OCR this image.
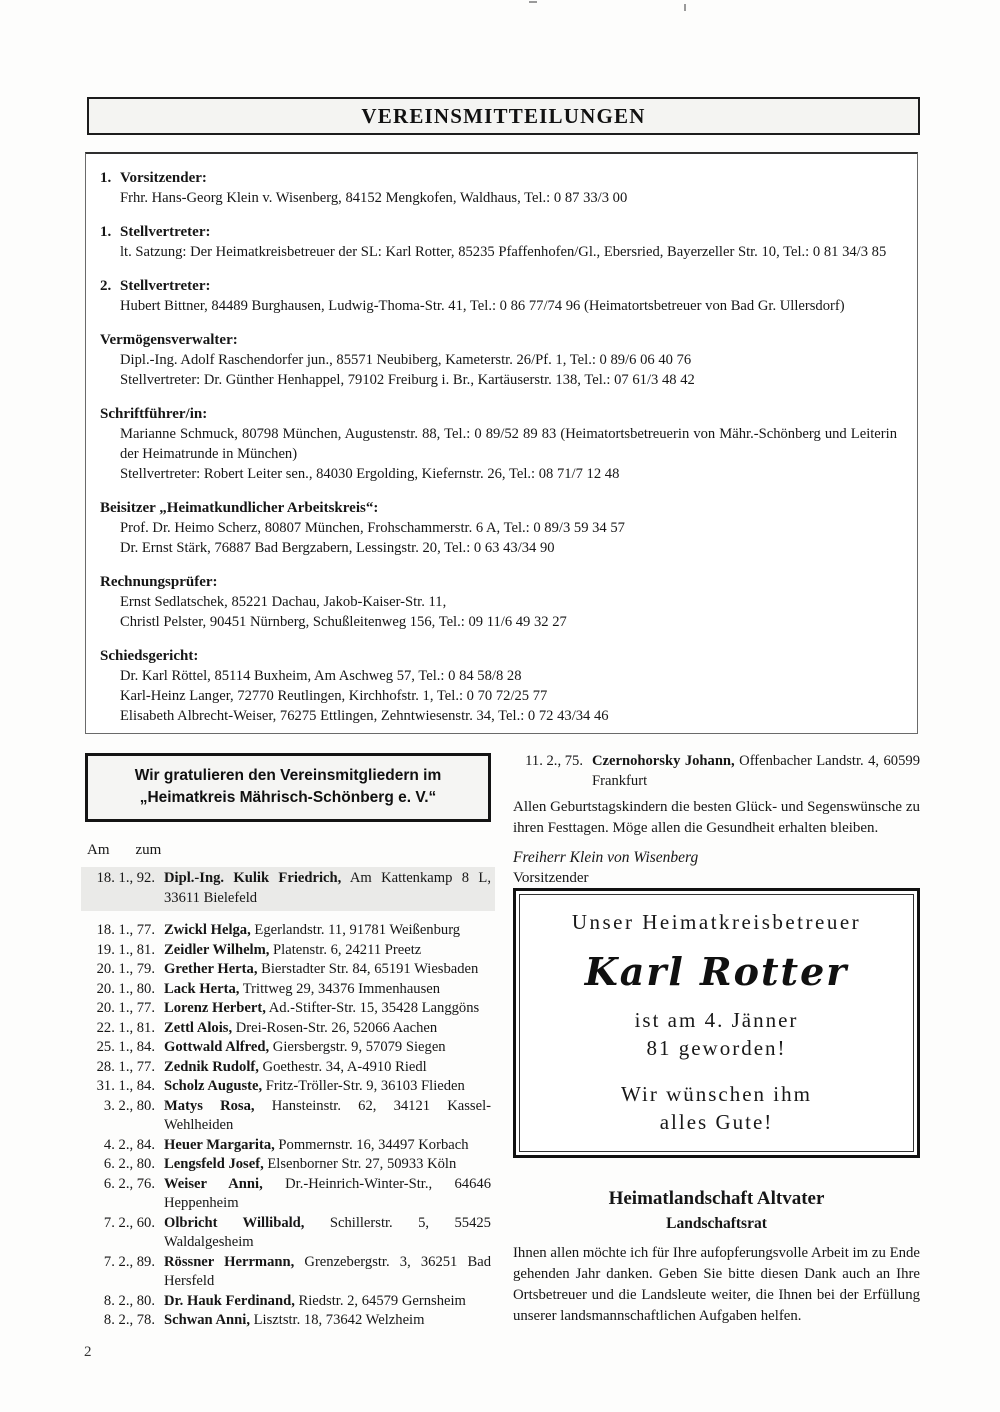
VEREINSMITTEILUNGEN
1. Vorsitzender:
Frhr. Hans-Georg Klein v. Wisenberg, 84152 Mengkofen, Waldhaus, Tel.: 0 87 33/3 00
1. Stellvertreter:
lt. Satzung: Der Heimatkreisbetreuer der SL: Karl Rotter, 85235 Pfaffenhofen/Gl., Ebersried, Bayerzeller Str. 10, Tel.: 0 81 34/3 85
2. Stellvertreter:
Hubert Bittner, 84489 Burghausen, Ludwig-Thoma-Str. 41, Tel.: 0 86 77/74 96 (Heimatortsbetreuer von Bad Gr. Ullersdorf)
Vermögensverwalter:
Dipl.-Ing. Adolf Raschendorfer jun., 85571 Neubiberg, Kameterstr. 26/Pf. 1, Tel.: 0 89/6 06 40 76
Stellvertreter: Dr. Günther Henhappel, 79102 Freiburg i. Br., Kartäuserstr. 138, Tel.: 07 61/3 48 42
Schriftführer/in:
Marianne Schmuck, 80798 München, Augustenstr. 88, Tel.: 0 89/52 89 83 (Heimatortsbetreuerin von Mähr.-Schönberg und Leiterin der Heimatrunde in München)
Stellvertreter: Robert Leiter sen., 84030 Ergolding, Kiefernstr. 26, Tel.: 08 71/7 12 48
Beisitzer „Heimatkundlicher Arbeitskreis“:
Prof. Dr. Heimo Scherz, 80807 München, Frohschammerstr. 6 A, Tel.: 0 89/3 59 34 57
Dr. Ernst Stärk, 76887 Bad Bergzabern, Lessingstr. 20, Tel.: 0 63 43/34 90
Rechnungsprüfer:
Ernst Sedlatschek, 85221 Dachau, Jakob-Kaiser-Str. 11,
Christl Pelster, 90451 Nürnberg, Schußleitenweg 156, Tel.: 09 11/6 49 32 27
Schiedsgericht:
Dr. Karl Röttel, 85114 Buxheim, Am Aschweg 57, Tel.: 0 84 58/8 28
Karl-Heinz Langer, 72770 Reutlingen, Kirchhofstr. 1, Tel.: 0 70 72/25 77
Elisabeth Albrecht-Weiser, 76275 Ettlingen, Zehntwiesenstr. 34, Tel.: 0 72 43/34 46
Wir gratulieren den Vereinsmitgliedern im
„Heimatkreis Mährisch-Schönberg e. V.“
Am zum
18. 1., 92. Dipl.-Ing. Kulik Friedrich, Am Kattenkamp 8 L, 33611 Bielefeld
18. 1., 77. Zwickl Helga, Egerlandstr. 11, 91781 Weißenburg
19. 1., 81. Zeidler Wilhelm, Platenstr. 6, 24211 Preetz
20. 1., 79. Grether Herta, Bierstadter Str. 84, 65191 Wiesbaden
20. 1., 80. Lack Herta, Trittweg 29, 34376 Immenhausen
20. 1., 77. Lorenz Herbert, Ad.-Stifter-Str. 15, 35428 Langgöns
22. 1., 81. Zettl Alois, Drei-Rosen-Str. 26, 52066 Aachen
25. 1., 84. Gottwald Alfred, Giersbergstr. 9, 57079 Siegen
28. 1., 77. Zednik Rudolf, Goethestr. 34, A-4910 Riedl
31. 1., 84. Scholz Auguste, Fritz-Tröller-Str. 9, 36103 Flieden
3. 2., 80. Matys Rosa, Hansteinstr. 62, 34121 Kassel-Wehlheiden
4. 2., 84. Heuer Margarita, Pommernstr. 16, 34497 Korbach
6. 2., 80. Lengsfeld Josef, Elsenborner Str. 27, 50933 Köln
6. 2., 76. Weiser Anni, Dr.-Heinrich-Winter-Str., 64646 Heppenheim
7. 2., 60. Olbricht Willibald, Schillerstr. 5, 55425 Waldalgesheim
7. 2., 89. Rössner Herrmann, Grenzebergstr. 3, 36251 Bad Hersfeld
8. 2., 80. Dr. Hauk Ferdinand, Riedstr. 2, 64579 Gernsheim
8. 2., 78. Schwan Anni, Lisztstr. 18, 73642 Welzheim
11. 2., 75. Czernohorsky Johann, Offenbacher Landstr. 4, 60599 Frankfurt
Allen Geburtstagskindern die besten Glück- und Segenswünsche zu ihren Festtagen. Möge allen die Gesundheit erhalten bleiben.
Freiherr Klein von Wisenberg
Vorsitzender
Unser Heimatkreisbetreuer
Karl Rotter
ist am 4. Jänner
81 geworden!
Wir wünschen ihm
alles Gute!
Heimatlandschaft Altvater
Landschaftsrat
Ihnen allen möchte ich für Ihre aufopferungsvolle Arbeit im zu Ende gehenden Jahr danken. Geben Sie bitte diesen Dank auch an Ihre Ortsbetreuer und die Landsleute weiter, die Ihnen bei der Erfüllung unserer landsmannschaftlichen Aufgaben helfen.
2
